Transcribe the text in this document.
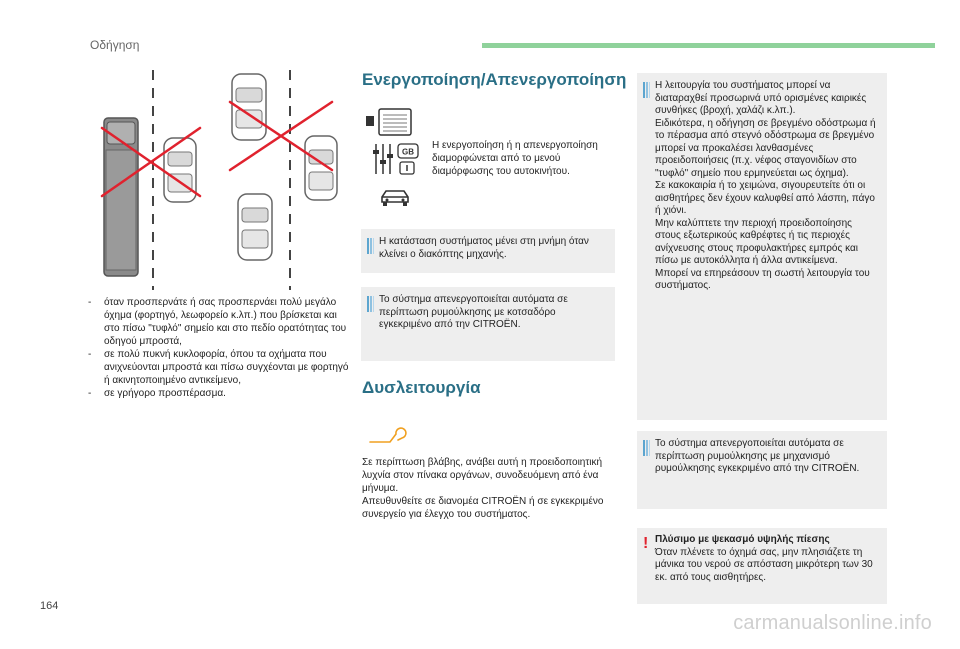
Οδήγηση
-	όταν προσπερνάτε ή σας προσπερνάει πολύ μεγάλο όχημα (φορτηγό, λεωφορείο κ.λπ.) που βρίσκεται και στο πίσω "τυφλό" σημείο και στο πεδίο ορατότητας του οδηγού μπροστά,
-	σε πολύ πυκνή κυκλοφορία, όπου τα οχήματα που ανιχνεύονται μπροστά και πίσω συγχέονται με φορτηγό ή ακινητοποιημένο αντικείμενο,
-	σε γρήγορο προσπέρασμα.
Ενεργοποίηση/Απενεργοποίηση
GB
Η ενεργοποίηση ή η απενεργοποίηση διαμορφώνεται από το μενού διαμόρφωσης του αυτοκινήτου.

Η κατάσταση συστήματος μένει στη μνήμη όταν κλείνει ο διακόπτης μηχανής.

Το σύστημα απενεργοποιείται αυτόματα σε περίπτωση ρυμούλκησης με κοτσαδόρο εγκεκριμένο από την CITROËN.

Δυσλειτουργία
Σε περίπτωση βλάβης, ανάβει αυτή η προειδοποιητική λυχνία στον πίνακα οργάνων, συνοδευόμενη από ένα μήνυμα.
Απευθυνθείτε σε διανομέα CITROËN ή σε εγκεκριμένο συνεργείο για έλεγχο του συστήματος.

Η λειτουργία του συστήματος μπορεί να διαταραχθεί προσωρινά υπό ορισμένες καιρικές συνθήκες (βροχή, χαλάζι κ.λπ.).
Ειδικότερα, η οδήγηση σε βρεγμένο οδόστρωμα ή το πέρασμα από στεγνό οδόστρωμα σε βρεγμένο μπορεί να προκαλέσει λανθασμένες προειδοποιήσεις (π.χ. νέφος σταγονιδίων στο "τυφλό" σημείο που ερμηνεύεται ως όχημα).
Σε κακοκαιρία ή το χειμώνα, σιγουρευτείτε ότι οι αισθητήρες δεν έχουν καλυφθεί από λάσπη, πάγο ή χιόνι.
Μην καλύπτετε την περιοχή προειδοποίησης στους εξωτερικούς καθρέφτες ή τις περιοχές ανίχνευσης στους προφυλακτήρες εμπρός και πίσω με αυτοκόλλητα ή άλλα αντικείμενα.
Μπορεί να επηρεάσουν τη σωστή λειτουργία του συστήματος.

Το σύστημα απενεργοποιείται αυτόματα σε περίπτωση ρυμούλκησης με μηχανισμό ρυμούλκησης εγκεκριμένο από την CITROËN.

! Πλύσιμο με ψεκασμό υψηλής πίεσης
Όταν πλένετε το όχημά σας, μην πλησιάζετε τη μάνικα του νερού σε απόσταση μικρότερη των 30 εκ. από τους αισθητήρες.
164
carmanualsonline.info
